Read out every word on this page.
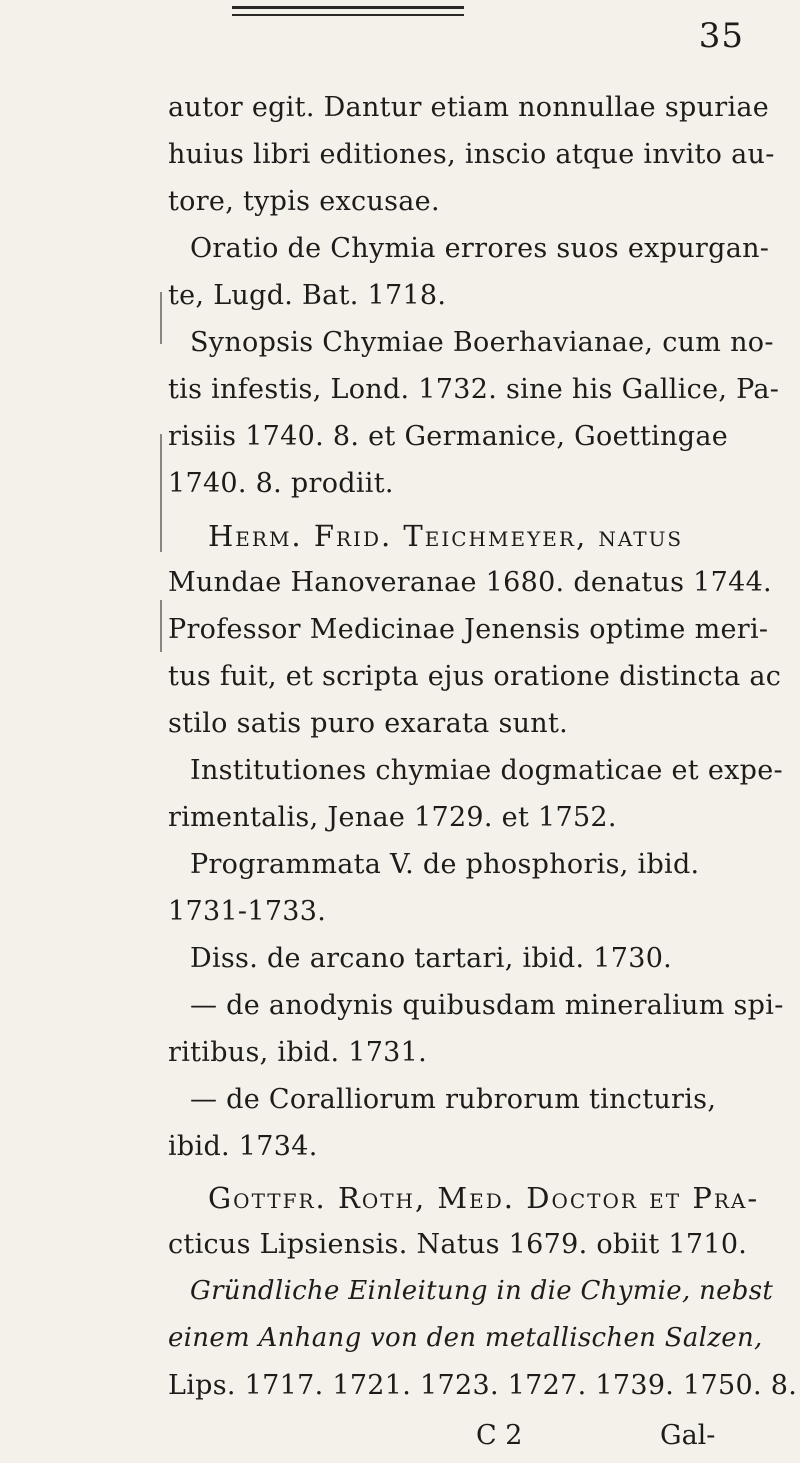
35
autor egit. Dantur etiam nonnullae spuriae
huius libri editiones, inscio atque invito au-
tore, typis excusae.
Oratio de Chymia errores suos expurgan-
te, Lugd. Bat. 1718.
Synopsis Chymiae Boerhavianae, cum no-
tis infestis, Lond. 1732. sine his Gallice, Pa-
risiis 1740. 8. et Germanice, Goettingae
1740. 8. prodiit.
Herm. Frid. Teichmeyer, natus
Mundae Hanoveranae 1680. denatus 1744.
Professor Medicinae Jenensis optime meri-
tus fuit, et scripta ejus oratione distincta ac
stilo satis puro exarata sunt.
Institutiones chymiae dogmaticae et expe-
rimentalis, Jenae 1729. et 1752.
Programmata V. de phosphoris, ibid.
1731-1733.
Diss. de arcano tartari, ibid. 1730.
— de anodynis quibusdam mineralium spi-
ritibus, ibid. 1731.
— de Coralliorum rubrorum tincturis,
ibid. 1734.
Gottfr. Roth, Med. Doctor et Pra-
cticus Lipsiensis. Natus 1679. obiit 1710.
Gründliche Einleitung in die Chymie, nebst
einem Anhang von den metallischen Salzen,
Lips. 1717. 1721. 1723. 1727. 1739. 1750. 8.
C 2	Gal-
